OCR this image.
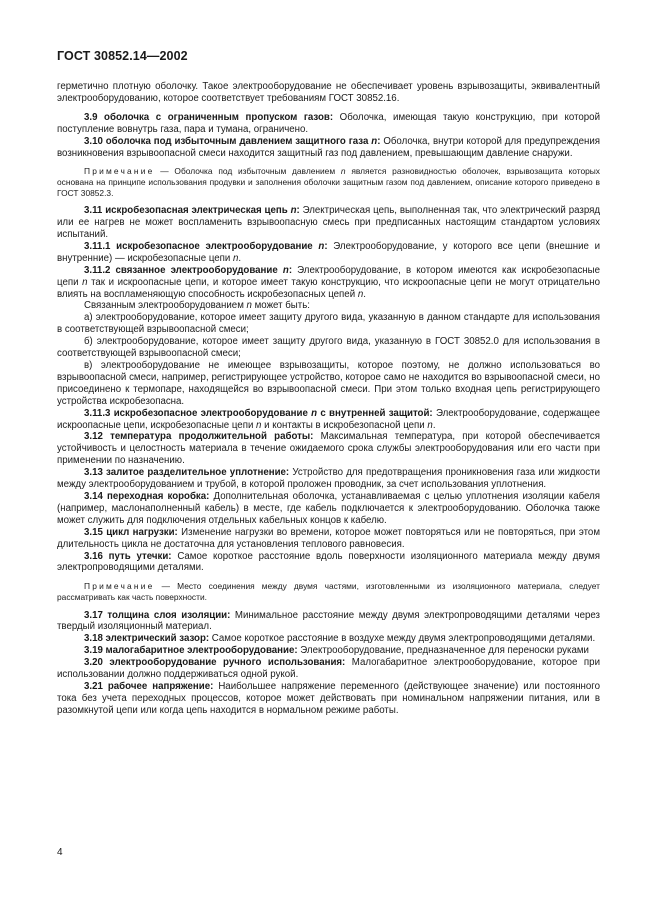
ГОСТ 30852.14—2002

герметично плотную оболочку. Такое электрооборудование не обеспечивает уровень взрывозащиты, эквивалентный электрооборудованию, которое соответствует требованиям ГОСТ 30852.16.

3.9 оболочка с ограниченным пропуском газов: Оболочка, имеющая такую конструкцию, при которой поступление вовнутрь газа, пара и тумана, ограничено.

3.10 оболочка под избыточным давлением защитного газа n: Оболочка, внутри которой для предупреждения возникновения взрывоопасной смеси находится защитный газ под давлением, превышающим давление снаружи.

Примечание — Оболочка под избыточным давлением n является разновидностью оболочек, взрывозащита которых основана на принципе использования продувки и заполнения оболочки защитным газом под давлением, описание которого приведено в ГОСТ 30852.3.

3.11 искробезопасная электрическая цепь n: Электрическая цепь, выполненная так, что электрический разряд или ее нагрев не может воспламенить взрывоопасную смесь при предписанных настоящим стандартом условиях испытаний.

3.11.1 искробезопасное электрооборудование n: Электрооборудование, у которого все цепи (внешние и внутренние) — искробезопасные цепи n.

3.11.2 связанное электрооборудование n: Электрооборудование, в котором имеются как искробезопасные цепи n так и искроопасные цепи, и которое имеет такую конструкцию, что искроопасные цепи не могут отрицательно влиять на воспламеняющую способность искробезопасных цепей n.

Связанным электрооборудованием n может быть:

а) электрооборудование, которое имеет защиту другого вида, указанную в данном стандарте для использования в соответствующей взрывоопасной смеси;

б) электрооборудование, которое имеет защиту другого вида, указанную в ГОСТ 30852.0 для использования в соответствующей взрывоопасной смеси;

в) электрооборудование не имеющее взрывозащиты, которое поэтому, не должно использоваться во взрывоопасной смеси, например, регистрирующее устройство, которое само не находится во взрывоопасной смеси, но присоединено к термопаре, находящейся во взрывоопасной смеси. При этом только входная цепь регистрирующего устройства искробезопасна.

3.11.3 искробезопасное электрооборудование n с внутренней защитой: Электрооборудование, содержащее искроопасные цепи, искробезопасные цепи n и контакты в искробезопасной цепи n.

3.12 температура продолжительной работы: Максимальная температура, при которой обеспечивается устойчивость и целостность материала в течение ожидаемого срока службы электрооборудования или его части при применении по назначению.

3.13 залитое разделительное уплотнение: Устройство для предотвращения проникновения газа или жидкости между электрооборудованием и трубой, в которой проложен проводник, за счет использования уплотнения.

3.14 переходная коробка: Дополнительная оболочка, устанавливаемая с целью уплотнения изоляции кабеля (например, маслонаполненный кабель) в месте, где кабель подключается к электрооборудованию. Оболочка также может служить для подключения отдельных кабельных концов к кабелю.

3.15 цикл нагрузки: Изменение нагрузки во времени, которое может повторяться или не повторяться, при этом длительность цикла не достаточна для установления теплового равновесия.

3.16 путь утечки: Самое короткое расстояние вдоль поверхности изоляционного материала между двумя электропроводящими деталями.

Примечание — Место соединения между двумя частями, изготовленными из изоляционного материала, следует рассматривать как часть поверхности.

3.17 толщина слоя изоляции: Минимальное расстояние между двумя электропроводящими деталями через твердый изоляционный материал.

3.18 электрический зазор: Самое короткое расстояние в воздухе между двумя электропроводящими деталями.

3.19 малогабаритное электрооборудование: Электрооборудование, предназначенное для переноски руками

3.20 электрооборудование ручного использования: Малогабаритное электрооборудование, которое при использовании должно поддерживаться одной рукой.

3.21 рабочее напряжение: Наибольшее напряжение переменного (действующее значение) или постоянного тока без учета переходных процессов, которое может действовать при номинальном напряжении питания, или в разомкнутой цепи или когда цепь находится в нормальном режиме работы.

4
